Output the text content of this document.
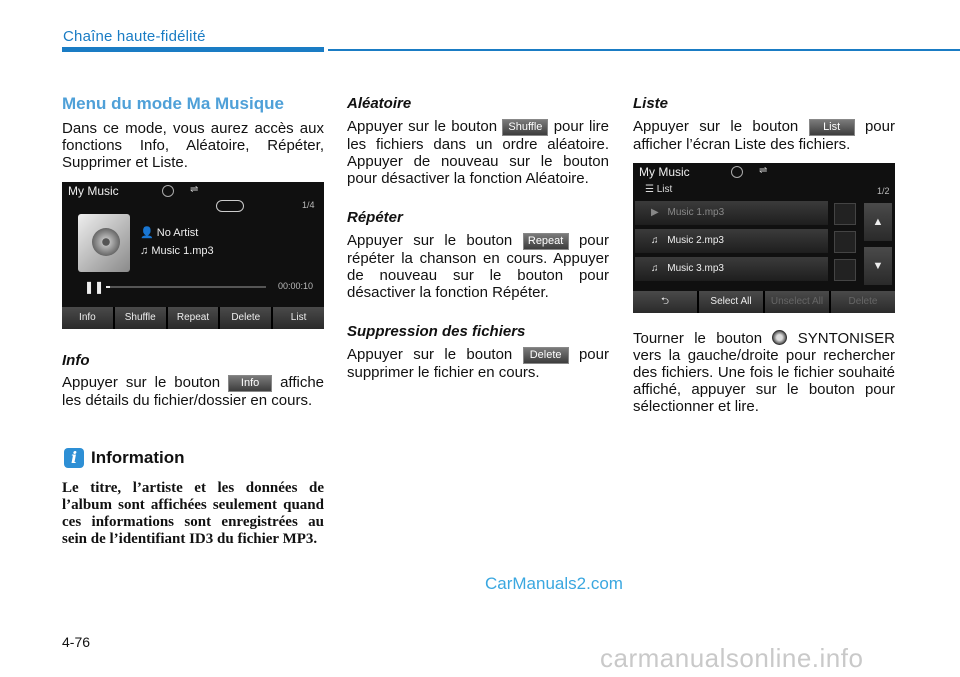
Chaîne haute-fidélité
Menu du mode Ma Musique

Dans ce mode, vous aurez accès aux fonctions Info, Aléatoire, Répéter, Supprimer et Liste.

My Music	⇌
1/4
👤 No Artist
♫ Music 1.mp3
❚❚	00:00:10
Info	Shuffle	Repeat	Delete	List
Info

Appuyer sur le bouton Info affiche les détails du fichier/dossier en cours.

i Information
Le titre, l’artiste et les données de l’album sont affichées seulement quand ces informations sont enregistrées au sein de l’identifiant ID3 du fichier MP3.
Aléatoire

Appuyer sur le bouton Shuffle pour lire les fichiers dans un ordre aléatoire. Appuyer de nouveau sur le bouton pour désactiver la fonction Aléatoire.

Répéter

Appuyer sur le bouton Repeat pour répéter la chanson en cours. Appuyer de nouveau sur le bouton pour désactiver la fonction Répéter.

Suppression des fichiers

Appuyer sur le bouton Delete pour supprimer le fichier en cours.

Liste

Appuyer sur le bouton List pour afficher l’écran Liste des fichiers.

My Music	⇌
☰ List	1/2
▶ Music 1.mp3
♫ Music 2.mp3
♫ Music 3.mp3
▲
▼
⮌	Select All	Unselect All	Delete

Tourner le bouton SYNTONISER vers la gauche/droite pour rechercher des fichiers. Une fois le fichier souhaité affiché, appuyer sur le bouton pour sélectionner et lire.

CarManuals2.com
4-76
carmanualsonline.info
